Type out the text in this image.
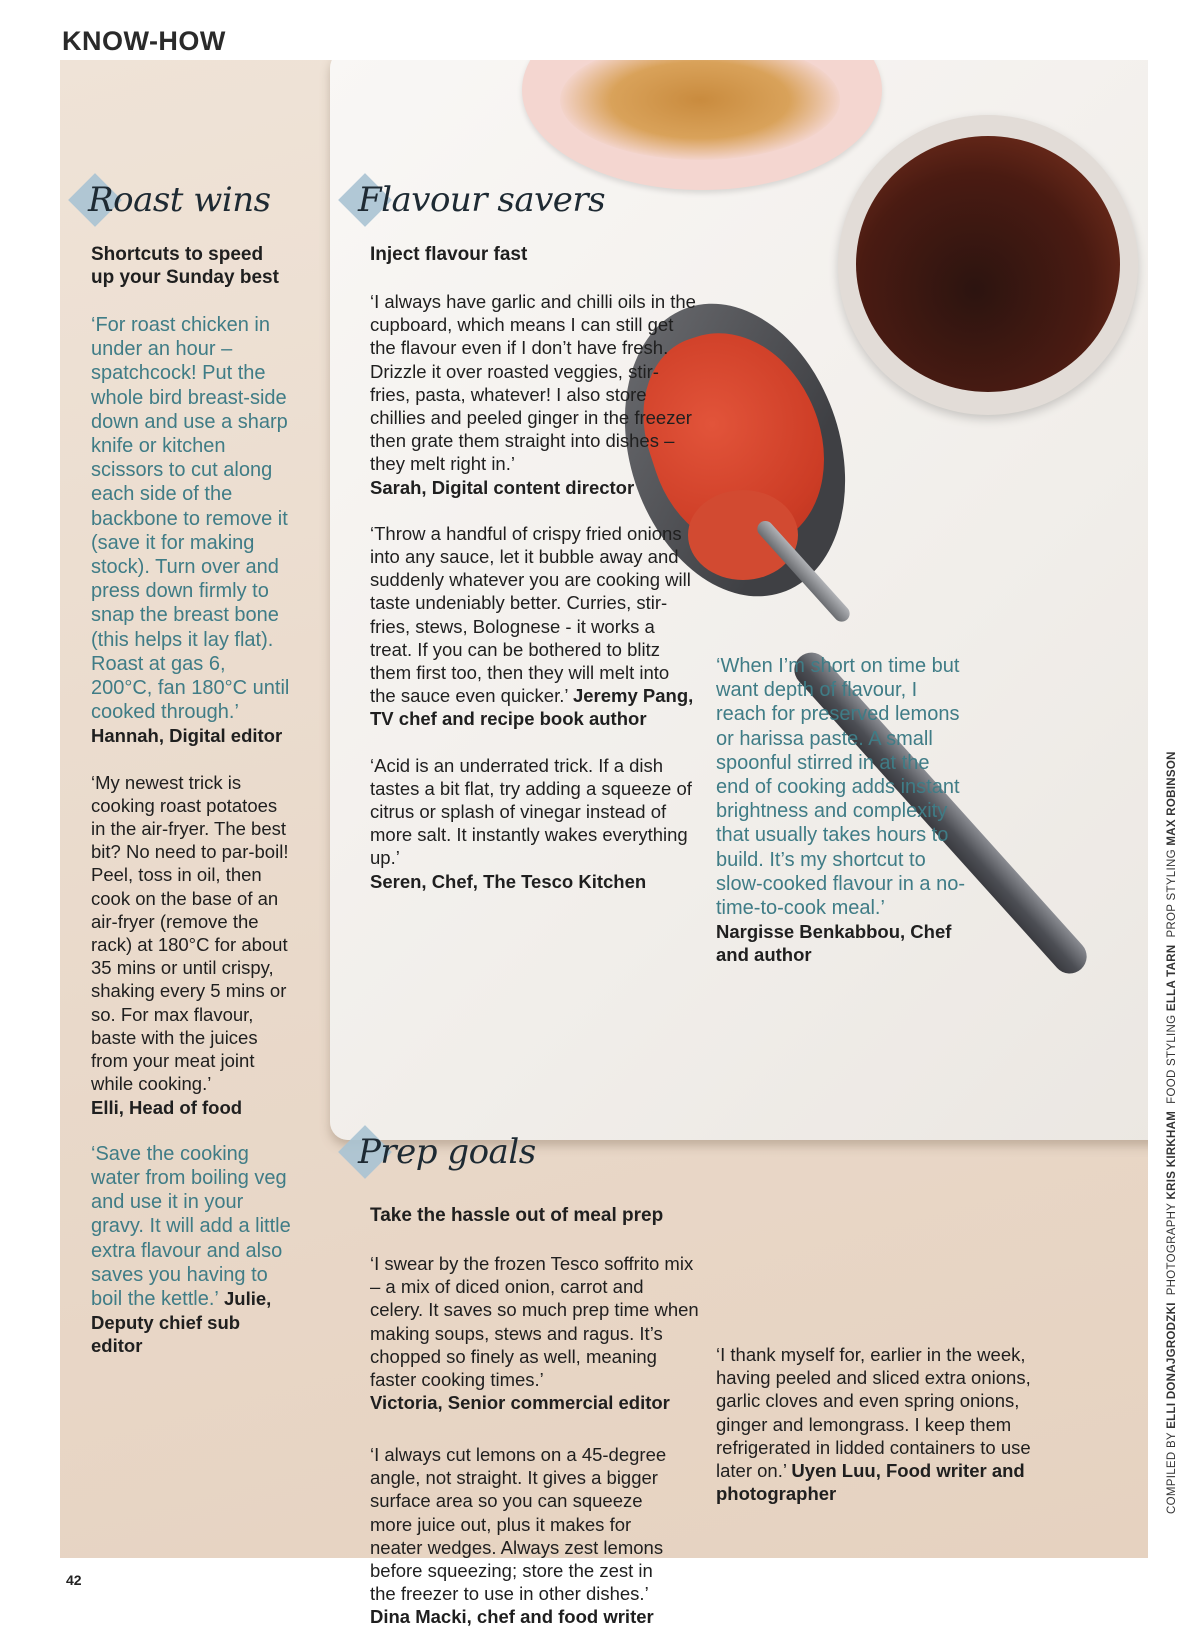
KNOW-HOW
Roast wins
Shortcuts to speed up your Sunday best

‘For roast chicken in under an hour – spatchcock! Put the whole bird breast-side down and use a sharp knife or kitchen scissors to cut along each side of the backbone to remove it (save it for making stock). Turn over and press down firmly to snap the breast bone (this helps it lay flat). Roast at gas 6, 200°C, fan 180°C until cooked through.’
Hannah, Digital editor

‘My newest trick is cooking roast potatoes in the air-fryer. The best bit? No need to par-boil! Peel, toss in oil, then cook on the base of an air-fryer (remove the rack) at 180°C for about 35 mins or until crispy, shaking every 5 mins or so. For max flavour, baste with the juices from your meat joint while cooking.’
Elli, Head of food

‘Save the cooking water from boiling veg and use it in your gravy. It will add a little extra flavour and also saves you having to boil the kettle.’ Julie, Deputy chief sub editor

Flavour savers
Inject flavour fast

‘I always have garlic and chilli oils in the cupboard, which means I can still get the flavour even if I don’t have fresh. Drizzle it over roasted veggies, stir-fries, pasta, whatever! I also store chillies and peeled ginger in the freezer then grate them straight into dishes – they melt right in.’
Sarah, Digital content director

‘Throw a handful of crispy fried onions into any sauce, let it bubble away and suddenly whatever you are cooking will taste undeniably better. Curries, stir-fries, stews, Bolognese - it works a treat. If you can be bothered to blitz them first too, then they will melt into the sauce even quicker.’ Jeremy Pang, TV chef and recipe book author

‘Acid is an underrated trick. If a dish tastes a bit flat, try adding a squeeze of citrus or splash of vinegar instead of more salt. It instantly wakes everything up.’
Seren, Chef, The Tesco Kitchen

‘When I’m short on time but want depth of flavour, I reach for preserved lemons or harissa paste. A small spoonful stirred in at the end of cooking adds instant brightness and complexity that usually takes hours to build. It’s my shortcut to slow-cooked flavour in a no-time-to-cook meal.’
Nargisse Benkabbou, Chef and author

Prep goals
Take the hassle out of meal prep

‘I swear by the frozen Tesco soffrito mix – a mix of diced onion, carrot and celery. It saves so much prep time when making soups, stews and ragus. It’s chopped so finely as well, meaning faster cooking times.’
Victoria, Senior commercial editor

‘I always cut lemons on a 45-degree angle, not straight. It gives a bigger surface area so you can squeeze more juice out, plus it makes for neater wedges. Always zest lemons before squeezing; store the zest in the freezer to use in other dishes.’
Dina Macki, chef and food writer

‘I thank myself for, earlier in the week, having peeled and sliced extra onions, garlic cloves and even spring onions, ginger and lemongrass. I keep them refrigerated in lidded containers to use later on.’ Uyen Luu, Food writer and photographer

42
COMPILED BY ELLI DONAJGRODZKI  PHOTOGRAPHY KRIS KIRKHAM  FOOD STYLING ELLA TARN  PROP STYLING MAX ROBINSON
